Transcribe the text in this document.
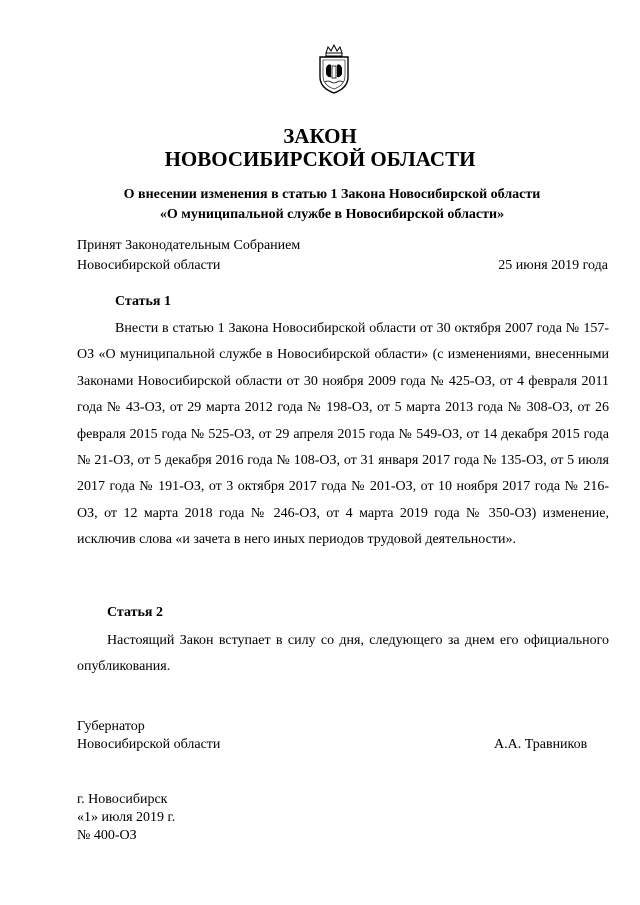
ЗАКОН
НОВОСИБИРСКОЙ ОБЛАСТИ
О внесении изменения в статью 1 Закона Новосибирской области
«О муниципальной службе в Новосибирской области»
Принят Законодательным Собранием
Новосибирской области	25 июня 2019 года
Статья 1

Внести в статью 1 Закона Новосибирской области от 30 октября 2007 года № 157-ОЗ «О муниципальной службе в Новосибирской области» (с изменениями, внесенными Законами Новосибирской области от 30 ноября 2009 года № 425-ОЗ, от 4 февраля 2011 года № 43-ОЗ, от 29 марта 2012 года № 198-ОЗ, от 5 марта 2013 года № 308-ОЗ, от 26 февраля 2015 года № 525-ОЗ, от 29 апреля 2015 года № 549-ОЗ, от 14 декабря 2015 года № 21-ОЗ, от 5 декабря 2016 года № 108-ОЗ, от 31 января 2017 года № 135-ОЗ, от 5 июля 2017 года № 191-ОЗ, от 3 октября 2017 года № 201-ОЗ, от 10 ноября 2017 года № 216-ОЗ, от 12 марта 2018 года № 246-ОЗ, от 4 марта 2019 года № 350-ОЗ) изменение, исключив слова «и зачета в него иных периодов трудовой деятельности».

Статья 2

Настоящий Закон вступает в силу со дня, следующего за днем его официального опубликования.

Губернатор
Новосибирской области	А.А. Травников
г. Новосибирск
«1» июля 2019 г.
№ 400-ОЗ
